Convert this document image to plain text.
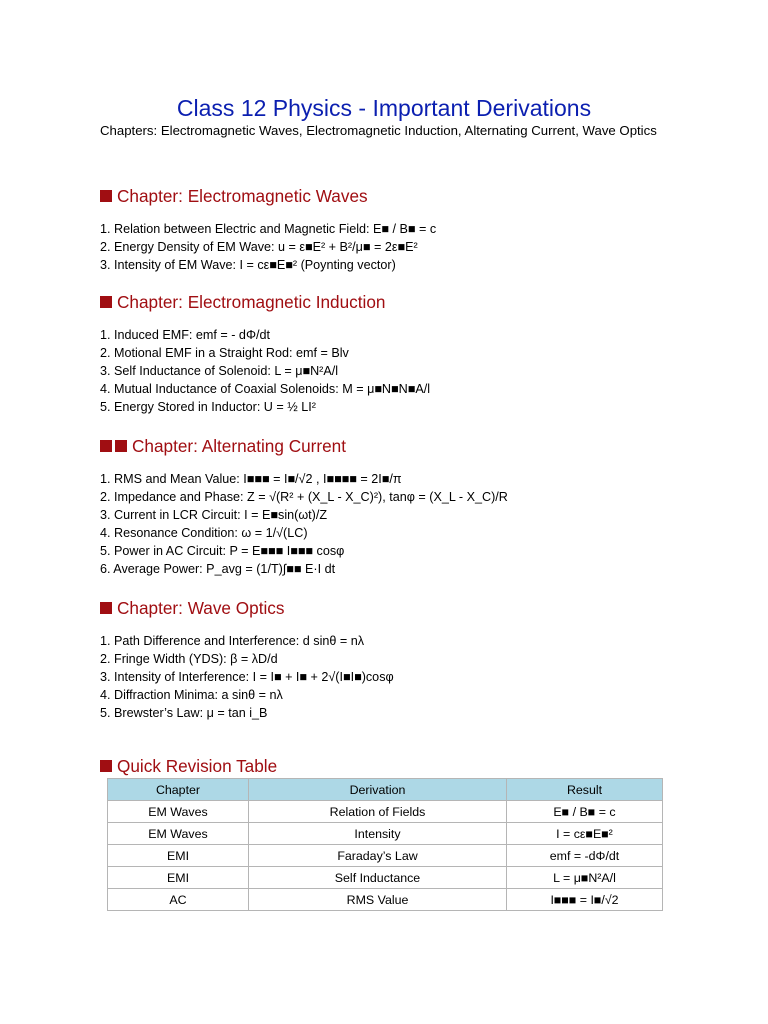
Class 12 Physics - Important Derivations
Chapters: Electromagnetic Waves, Electromagnetic Induction, Alternating Current, Wave Optics
Chapter: Electromagnetic Waves
1. Relation between Electric and Magnetic Field: E■ / B■ = c
2. Energy Density of EM Wave: u = ε■E² + B²/μ■ = 2ε■E²
3. Intensity of EM Wave: I = cε■E■² (Poynting vector)
Chapter: Electromagnetic Induction
1. Induced EMF: emf = - dΦ/dt
2. Motional EMF in a Straight Rod: emf = Blv
3. Self Inductance of Solenoid: L = μ■N²A/l
4. Mutual Inductance of Coaxial Solenoids: M = μ■N■N■A/l
5. Energy Stored in Inductor: U = ½ LI²
Chapter: Alternating Current
1. RMS and Mean Value: I■■■ = I■/√2 , I■■■■ = 2I■/π
2. Impedance and Phase: Z = √(R² + (X_L - X_C)²), tanφ = (X_L - X_C)/R
3. Current in LCR Circuit: I = E■sin(ωt)/Z
4. Resonance Condition: ω = 1/√(LC)
5. Power in AC Circuit: P = E■■■ I■■■ cosφ
6. Average Power: P_avg = (1/T)∫■■ E·I dt
Chapter: Wave Optics
1. Path Difference and Interference: d sinθ = nλ
2. Fringe Width (YDS): β = λD/d
3. Intensity of Interference: I = I■ + I■ + 2√(I■I■)cosφ
4. Diffraction Minima: a sinθ = nλ
5. Brewster’s Law: μ = tan i_B
Quick Revision Table
Chapter	Derivation	Result
EM Waves	Relation of Fields	E■ / B■ = c
EM Waves	Intensity	I = cε■E■²
EMI	Faraday’s Law	emf = -dΦ/dt
EMI	Self Inductance	L = μ■N²A/l
AC	RMS Value	I■■■ = I■/√2
